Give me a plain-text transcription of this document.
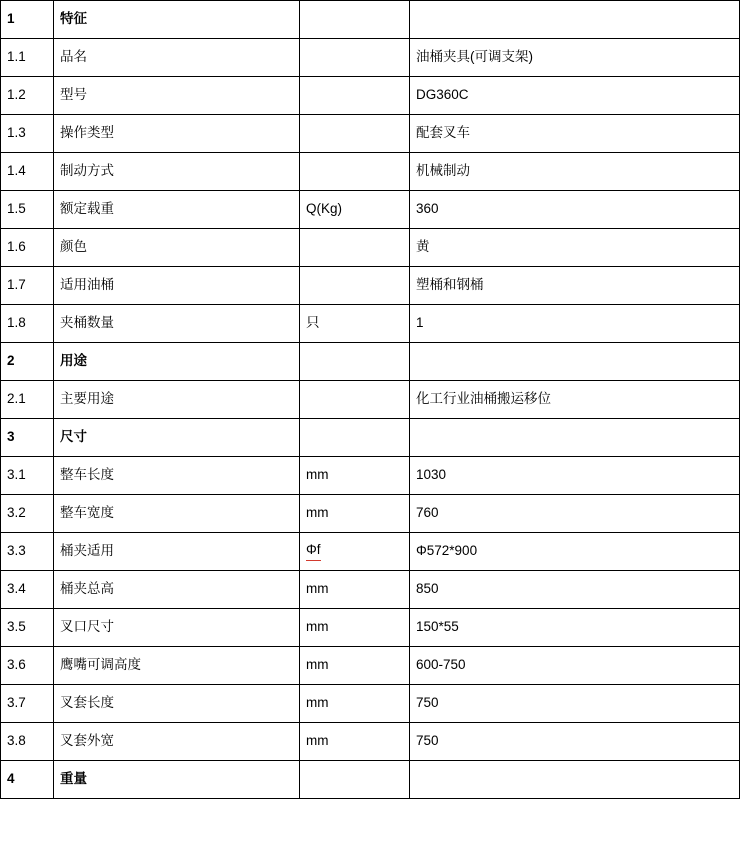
1	特征		
1.1	品名		油桶夹具(可调支架)
1.2	型号		DG360C
1.3	操作类型		配套叉车
1.4	制动方式		机械制动
1.5	额定载重	Q(Kg)	360
1.6	颜色		黄
1.7	适用油桶		塑桶和钢桶
1.8	夹桶数量	只	1
2	用途		
2.1	主要用途		化工行业油桶搬运移位
3	尺寸		
3.1	整车长度	mm	1030
3.2	整车宽度	mm	760
3.3	桶夹适用	Φf	Φ572*900
3.4	桶夹总高	mm	850
3.5	叉口尺寸	mm	150*55
3.6	鹰嘴可调高度	mm	600-750
3.7	叉套长度	mm	750
3.8	叉套外宽	mm	750
4	重量		
